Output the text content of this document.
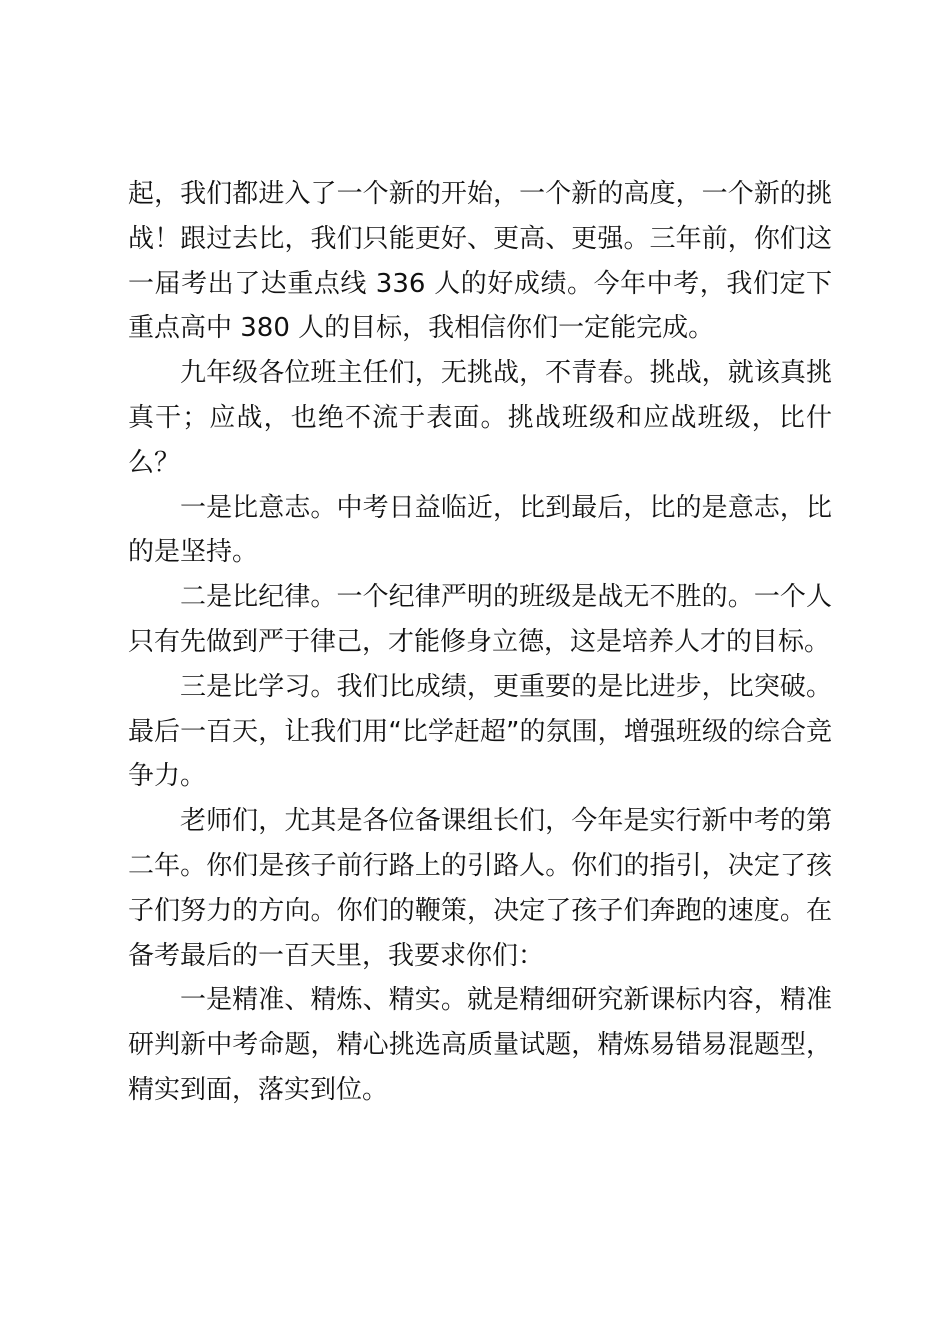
起，我们都进入了一个新的开始，一个新的高度，一个新的挑战！跟过去比，我们只能更好、更高、更强。三年前，你们这一届考出了达重点线 336 人的好成绩。今年中考，我们定下重点高中 380 人的目标，我相信你们一定能完成。

九年级各位班主任们，无挑战，不青春。挑战，就该真挑真干；应战，也绝不流于表面。挑战班级和应战班级，比什么？

一是比意志。中考日益临近，比到最后，比的是意志，比的是坚持。

二是比纪律。一个纪律严明的班级是战无不胜的。一个人只有先做到严于律己，才能修身立德，这是培养人才的目标。

三是比学习。我们比成绩，更重要的是比进步，比突破。最后一百天，让我们用“比学赶超”的氛围，增强班级的综合竞争力。

老师们，尤其是各位备课组长们，今年是实行新中考的第二年。你们是孩子前行路上的引路人。你们的指引，决定了孩子们努力的方向。你们的鞭策，决定了孩子们奔跑的速度。在备考最后的一百天里，我要求你们：

一是精准、精炼、精实。就是精细研究新课标内容，精准研判新中考命题，精心挑选高质量试题，精炼易错易混题型，精实到面，落实到位。
